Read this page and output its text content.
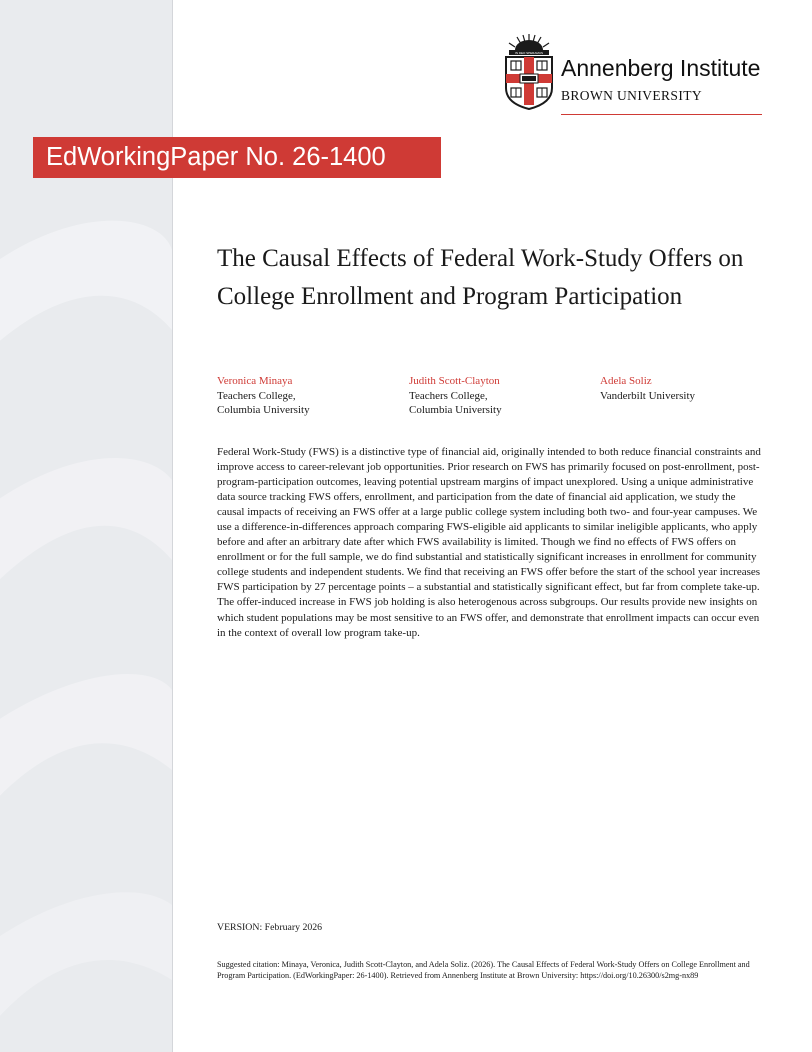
IN DEO SPERAMUS
Annenberg Institute
BROWN UNIVERSITY
EdWorkingPaper No. 26-1400
The Causal Effects of Federal Work-Study Offers on College Enrollment and Program Participation
Veronica Minaya
Teachers College,
Columbia University
Judith Scott-Clayton
Teachers College,
Columbia University
Adela Soliz
Vanderbilt University

Federal Work-Study (FWS) is a distinctive type of financial aid, originally intended to both reduce financial constraints and improve access to career-relevant job opportunities. Prior research on FWS has primarily focused on post-enrollment, post-program-participation outcomes, leaving potential upstream margins of impact unexplored. Using a unique administrative data source tracking FWS offers, enrollment, and participation from the date of financial aid application, we study the causal impacts of receiving an FWS offer at a large public college system including both two- and four-year campuses. We use a difference-in-differences approach comparing FWS-eligible aid applicants to similar ineligible applicants, who apply before and after an arbitrary date after which FWS availability is limited. Though we find no effects of FWS offers on enrollment or for the full sample, we do find substantial and statistically significant increases in enrollment for community college students and independent students. We find that receiving an FWS offer before the start of the school year increases FWS participation by 27 percentage points – a substantial and statistically significant effect, but far from complete take-up. The offer-induced increase in FWS job holding is also heterogenous across subgroups. Our results provide new insights on which student populations may be most sensitive to an FWS offer, and demonstrate that enrollment impacts can occur even in the context of overall low program take-up.

VERSION: February 2026

Suggested citation: Minaya, Veronica, Judith Scott-Clayton, and Adela Soliz. (2026). The Causal Effects of Federal Work-Study Offers on College Enrollment and Program Participation. (EdWorkingPaper: 26-1400). Retrieved from Annenberg Institute at Brown University: https://doi.org/10.26300/s2mg-nx89
